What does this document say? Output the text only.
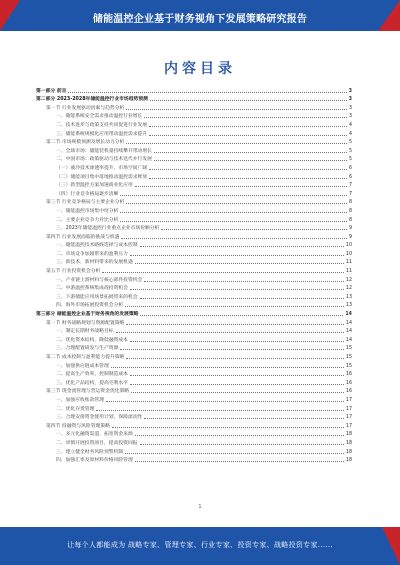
储能温控企业基于财务视角下发展策略研究报告
内容目录
第一部分 前言	3
第二部分 2023-2028年储能温控行业市场趋势预测	3
第一节 行业发展驱动因素与趋势分析	3
一、储能系统安全需求推动温控行业增长	3
二、技术进步与政策支持共同促进行业发展	4
三、储能系统规模化应用带动温控需求提升	4
第二节 市场规模预测及增长动力分析	5
一、全球市场：储能装机量持续攀升带动增长	5
二、中国市场：政策驱动与技术迭代并行发展	5
（一）液冷技术渗透率提升，市场空间广阔	6
（二）储能项目集中落地推动温控需求释放	6
（三）新型温控方案加速商业化应用	7
（四）行业竞争格局逐步清晰	7
第三节 行业竞争格局与主要企业分析	8
一、储能温控市场集中度分析	8
二、主要企业竞争力对比分析	8
三、2023年储能温控行业重点企业市场份额分析	9
第四节 行业发展面临的挑战与机遇	9
一、储能温控技术路线选择与成本控制	10
二、市场竞争加剧带来的盈利压力	10
三、新技术、新材料带来的发展机遇	11
第五节 行业投资机会分析	11
一、产业链上游材料与核心部件投资机会	12
二、中游温控系统集成商投资机会	12
三、下游储能应用场景拓展带来的机会	13
四、海外市场拓展投资机会分析	13
第三部分 储能温控企业基于财务视角的发展策略	14
第一节 财务战略规划与资源配置策略	14
一、制定长期财务战略目标	14
二、优化资本结构，降低融资成本	14
三、合理配置研发与生产资源	15
第二节 成本控制与盈利能力提升策略	15
一、加强供应链成本管理	15
二、提高生产效率，控制制造成本	16
三、优化产品结构，提高毛利水平	16
第三节 现金流管理与营运资金优化策略	16
一、加强应收账款管理	17
二、优化存货管理	17
三、合理安排资金使用计划，保障流动性	17
第四节 投融资与风险管理策略	17
一、多元化融资渠道，拓宽资金来源	18
二、审慎开展投资项目，提高投资回报	18
三、建立健全财务风险预警机制	18
四、加强汇率及原材料价格风险管理	18
1
让每个人都能成为 战略专家、管理专家、行业专家、投资专家、战略投资专家......
